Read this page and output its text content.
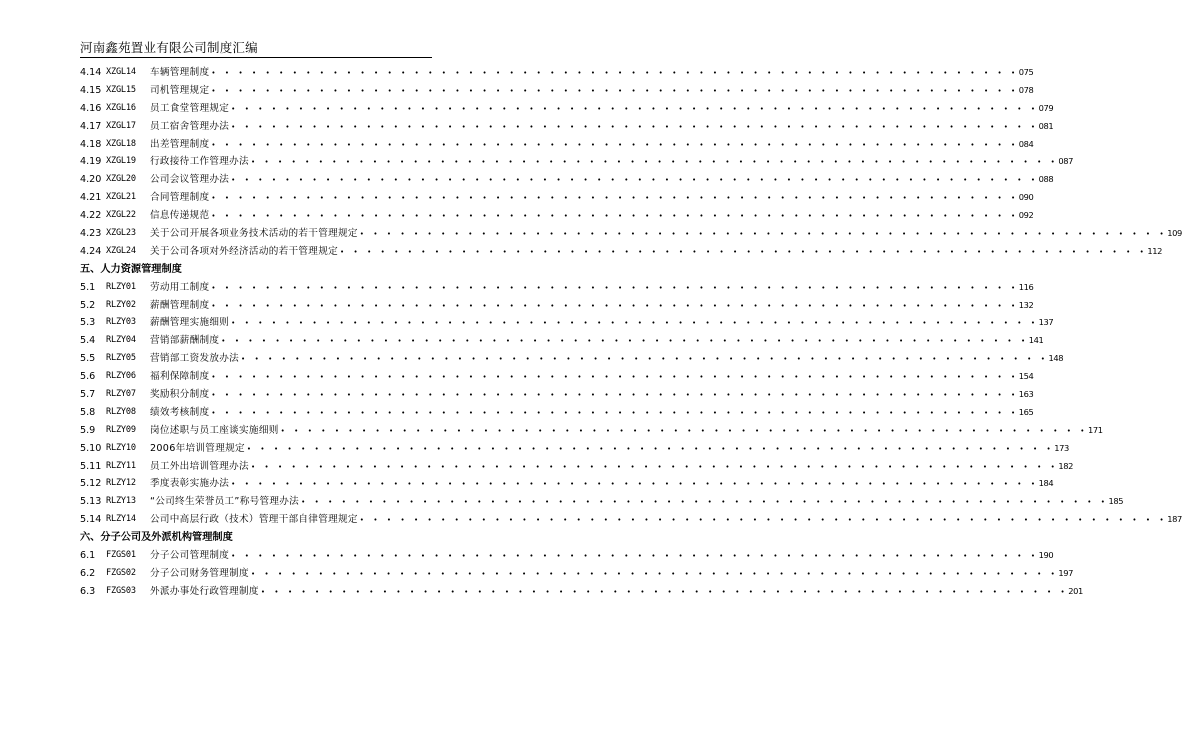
河南鑫苑置业有限公司制度汇编
4.14 XZGL14 车辆管理制度 • • • • • • • • • • • • • • • • • • • • • • • • • • • • • • • • • • • • • • • • • • • • • • • • • • • • • • • • • • • • 075
4.15 XZGL15 司机管理规定 • • • • • • • • • • • • • • • • • • • • • • • • • • • • • • • • • • • • • • • • • • • • • • • • • • • • • • • • • • • • 078
4.16 XZGL16 员工食堂管理规定 • • • • • • • • • • • • • • • • • • • • • • • • • • • • • • • • • • • • • • • • • • • • • • • • • • • • • • • • • • • • 079
4.17 XZGL17 员工宿舍管理办法 • • • • • • • • • • • • • • • • • • • • • • • • • • • • • • • • • • • • • • • • • • • • • • • • • • • • • • • • • • • • 081
4.18 XZGL18 出差管理制度 • • • • • • • • • • • • • • • • • • • • • • • • • • • • • • • • • • • • • • • • • • • • • • • • • • • • • • • • • • • • 084
4.19 XZGL19 行政接待工作管理办法 • • • • • • • • • • • • • • • • • • • • • • • • • • • • • • • • • • • • • • • • • • • • • • • • • • • • • • • • • • • • 087
4.20 XZGL20 公司会议管理办法 • • • • • • • • • • • • • • • • • • • • • • • • • • • • • • • • • • • • • • • • • • • • • • • • • • • • • • • • • • • • 088
4.21 XZGL21 合同管理制度 • • • • • • • • • • • • • • • • • • • • • • • • • • • • • • • • • • • • • • • • • • • • • • • • • • • • • • • • • • • • 090
4.22 XZGL22 信息传递规范 • • • • • • • • • • • • • • • • • • • • • • • • • • • • • • • • • • • • • • • • • • • • • • • • • • • • • • • • • • • • 092
4.23 XZGL23 关于公司开展各项业务技术活动的若干管理规定 • • • • • • • • • • • • • • • • • • • • • • • • • • • • • • • • • • • • • • • • • • • • • • • • • • • • • • • • • • • • 109
4.24 XZGL24 关于公司各项对外经济活动的若干管理规定 • • • • • • • • • • • • • • • • • • • • • • • • • • • • • • • • • • • • • • • • • • • • • • • • • • • • • • • • • • • • 112
五、人力资源管理制度
5.1 RLZY01 劳动用工制度 • • • • • • • • • • • • • • • • • • • • • • • • • • • • • • • • • • • • • • • • • • • • • • • • • • • • • • • • • • • • 116
5.2 RLZY02 薪酬管理制度 • • • • • • • • • • • • • • • • • • • • • • • • • • • • • • • • • • • • • • • • • • • • • • • • • • • • • • • • • • • • 132
5.3 RLZY03 薪酬管理实施细则 • • • • • • • • • • • • • • • • • • • • • • • • • • • • • • • • • • • • • • • • • • • • • • • • • • • • • • • • • • • • 137
5.4 RLZY04 营销部薪酬制度 • • • • • • • • • • • • • • • • • • • • • • • • • • • • • • • • • • • • • • • • • • • • • • • • • • • • • • • • • • • • 141
5.5 RLZY05 营销部工资发放办法 • • • • • • • • • • • • • • • • • • • • • • • • • • • • • • • • • • • • • • • • • • • • • • • • • • • • • • • • • • • • 148
5.6 RLZY06 福利保障制度 • • • • • • • • • • • • • • • • • • • • • • • • • • • • • • • • • • • • • • • • • • • • • • • • • • • • • • • • • • • • 154
5.7 RLZY07 奖励积分制度 • • • • • • • • • • • • • • • • • • • • • • • • • • • • • • • • • • • • • • • • • • • • • • • • • • • • • • • • • • • • 163
5.8 RLZY08 绩效考核制度 • • • • • • • • • • • • • • • • • • • • • • • • • • • • • • • • • • • • • • • • • • • • • • • • • • • • • • • • • • • • 165
5.9 RLZY09 岗位述职与员工座谈实施细则 • • • • • • • • • • • • • • • • • • • • • • • • • • • • • • • • • • • • • • • • • • • • • • • • • • • • • • • • • • • • 171
5.10 RLZY10 2006年培训管理规定 • • • • • • • • • • • • • • • • • • • • • • • • • • • • • • • • • • • • • • • • • • • • • • • • • • • • • • • • • • • • 173
5.11 RLZY11 员工外出培训管理办法 • • • • • • • • • • • • • • • • • • • • • • • • • • • • • • • • • • • • • • • • • • • • • • • • • • • • • • • • • • • • 182
5.12 RLZY12 季度表彰实施办法 • • • • • • • • • • • • • • • • • • • • • • • • • • • • • • • • • • • • • • • • • • • • • • • • • • • • • • • • • • • • 184
5.13 RLZY13 “公司终生荣誉员工”称号管理办法 • • • • • • • • • • • • • • • • • • • • • • • • • • • • • • • • • • • • • • • • • • • • • • • • • • • • • • • • • • • • 185
5.14 RLZY14 公司中高层行政（技术）管理干部自律管理规定 • • • • • • • • • • • • • • • • • • • • • • • • • • • • • • • • • • • • • • • • • • • • • • • • • • • • • • • • • • • • 187
六、分子公司及外派机构管理制度
6.1 FZGS01 分子公司管理制度 • • • • • • • • • • • • • • • • • • • • • • • • • • • • • • • • • • • • • • • • • • • • • • • • • • • • • • • • • • • • 190
6.2 FZGS02 分子公司财务管理制度 • • • • • • • • • • • • • • • • • • • • • • • • • • • • • • • • • • • • • • • • • • • • • • • • • • • • • • • • • • • • 197
6.3 FZGS03 外派办事处行政管理制度 • • • • • • • • • • • • • • • • • • • • • • • • • • • • • • • • • • • • • • • • • • • • • • • • • • • • • • • • • • • • 201
